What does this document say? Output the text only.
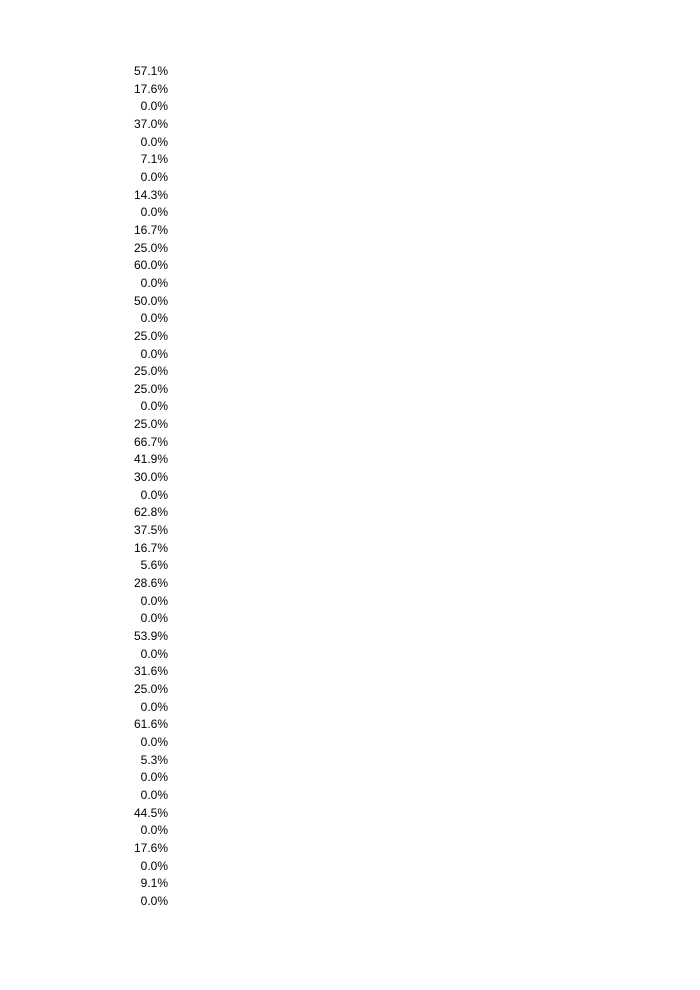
57.1%
17.6%
0.0%
37.0%
0.0%
7.1%
0.0%
14.3%
0.0%
16.7%
25.0%
60.0%
0.0%
50.0%
0.0%
25.0%
0.0%
25.0%
25.0%
0.0%
25.0%
66.7%
41.9%
30.0%
0.0%
62.8%
37.5%
16.7%
5.6%
28.6%
0.0%
0.0%
53.9%
0.0%
31.6%
25.0%
0.0%
61.6%
0.0%
5.3%
0.0%
0.0%
44.5%
0.0%
17.6%
0.0%
9.1%
0.0%
